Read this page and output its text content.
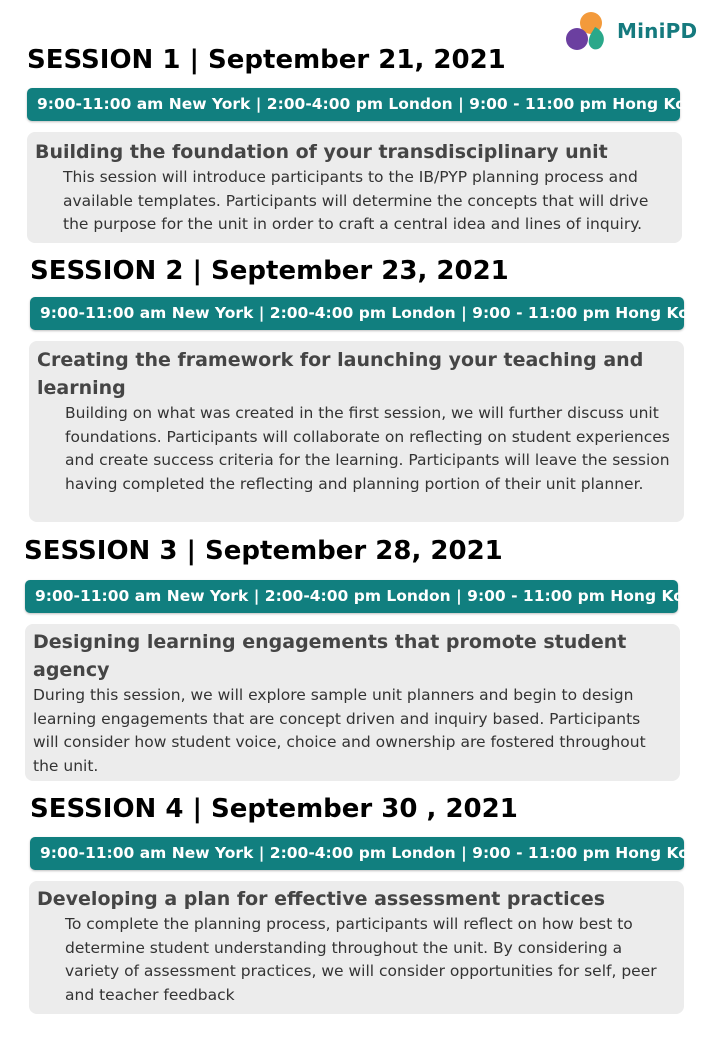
MiniPD
SESSION 1 | September 21, 2021
9:00-11:00 am New York | 2:00-4:00 pm London | 9:00 - 11:00 pm Hong Kong
Building the foundation of your transdisciplinary unit
This session will introduce participants to the IB/PYP planning process and available templates. Participants will determine the concepts that will drive the purpose for the unit in order to craft a central idea and lines of inquiry.
SESSION 2 | September 23, 2021
9:00-11:00 am New York | 2:00-4:00 pm London | 9:00 - 11:00 pm Hong Kong
Creating the framework for launching your teaching and learning
Building on what was created in the first session, we will further discuss unit foundations. Participants will collaborate on reflecting on student experiences and create success criteria for the learning. Participants will leave the session having completed the reflecting and planning portion of their unit planner.
SESSION 3 | September 28, 2021
9:00-11:00 am New York | 2:00-4:00 pm London | 9:00 - 11:00 pm Hong Kong
Designing learning engagements that promote student agency
During this session, we will explore sample unit planners and begin to design learning engagements that are concept driven and inquiry based. Participants will consider how student voice, choice and ownership are fostered throughout the unit.
SESSION 4 | September 30 , 2021
9:00-11:00 am New York | 2:00-4:00 pm London | 9:00 - 11:00 pm Hong Kong
Developing a plan for effective assessment practices
To complete the planning process, participants will reflect on how best to determine student understanding throughout the unit. By considering a variety of assessment practices, we will consider opportunities for self, peer and teacher feedback
